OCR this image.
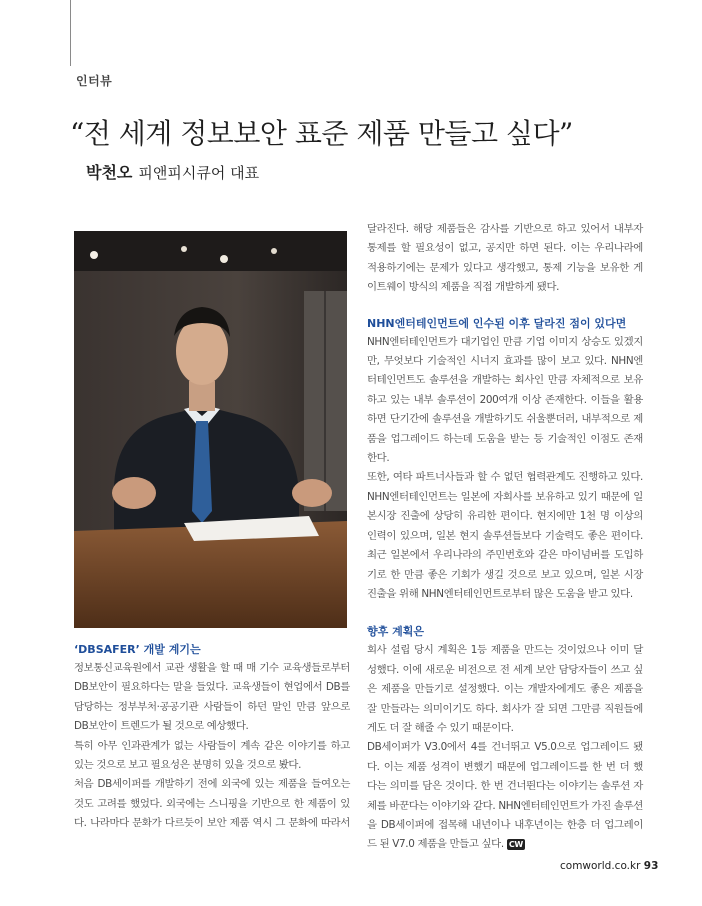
인터뷰
“전 세계 정보보안 표준 제품 만들고 싶다”
박천오 피앤피시큐어 대표

‘DBSAFER’ 개발 계기는

정보통신교육원에서 교관 생활을 할 때 매 기수 교육생들로부터

DB보안이 필요하다는 말을 들었다. 교육생들이 현업에서 DB를

담당하는 정부부처·공공기관 사람들이 하던 말인 만큼 앞으로

DB보안이 트렌드가 될 것으로 예상했다.

특히 아무 인과관계가 없는 사람들이 계속 같은 이야기를 하고

있는 것으로 보고 필요성은 분명히 있을 것으로 봤다.

처음 DB세이퍼를 개발하기 전에 외국에 있는 제품을 들여오는

것도 고려를 했었다. 외국에는 스니핑을 기반으로 한 제품이 있

다. 나라마다 문화가 다르듯이 보안 제품 역시 그 문화에 따라서

달라진다. 해당 제품들은 감사를 기반으로 하고 있어서 내부자

통제를 할 필요성이 없고, 공지만 하면 된다. 이는 우리나라에

적용하기에는 문제가 있다고 생각했고, 통제 기능을 보유한 게

이트웨이 방식의 제품을 직접 개발하게 됐다.

NHN엔터테인먼트에 인수된 이후 달라진 점이 있다면

NHN엔터테인먼트가 대기업인 만큼 기업 이미지 상승도 있겠지

만, 무엇보다 기술적인 시너지 효과를 많이 보고 있다. NHN엔

터테인먼트도 솔루션을 개발하는 회사인 만큼 자체적으로 보유

하고 있는 내부 솔루션이 200여개 이상 존재한다. 이들을 활용

하면 단기간에 솔루션을 개발하기도 쉬울뿐더러, 내부적으로 제

품을 업그레이드 하는데 도움을 받는 등 기술적인 이점도 존재

한다.

또한, 여타 파트너사들과 할 수 없던 협력관계도 진행하고 있다.

NHN엔터테인먼트는 일본에 자회사를 보유하고 있기 때문에 일

본시장 진출에 상당히 유리한 편이다. 현지에만 1천 명 이상의

인력이 있으며, 일본 현지 솔루션들보다 기술력도 좋은 편이다.

최근 일본에서 우리나라의 주민번호와 같은 마이넘버를 도입하

기로 한 만큼 좋은 기회가 생길 것으로 보고 있으며, 일본 시장

진출을 위해 NHN엔터테인먼트로부터 많은 도움을 받고 있다.

향후 계획은

회사 설립 당시 계획은 1등 제품을 만드는 것이었으나 이미 달

성했다. 이에 새로운 비전으로 전 세계 보안 담당자들이 쓰고 싶

은 제품을 만들기로 설정했다. 이는 개발자에게도 좋은 제품을

잘 만들라는 의미이기도 하다. 회사가 잘 되면 그만큼 직원들에

게도 더 잘 해줄 수 있기 때문이다.

DB세이퍼가 V3.0에서 4를 건너뛰고 V5.0으로 업그레이드 됐

다. 이는 제품 성격이 변했기 때문에 업그레이드를 한 번 더 했

다는 의미를 담은 것이다. 한 번 건너뛴다는 이야기는 솔루션 자

체를 바꾼다는 이야기와 같다. NHN엔터테인먼트가 가진 솔루션

을 DB세이퍼에 접목해 내년이나 내후년이는 한층 더 업그레이

드 된 V7.0 제품을 만들고 싶다. CW

comworld.co.kr 93
